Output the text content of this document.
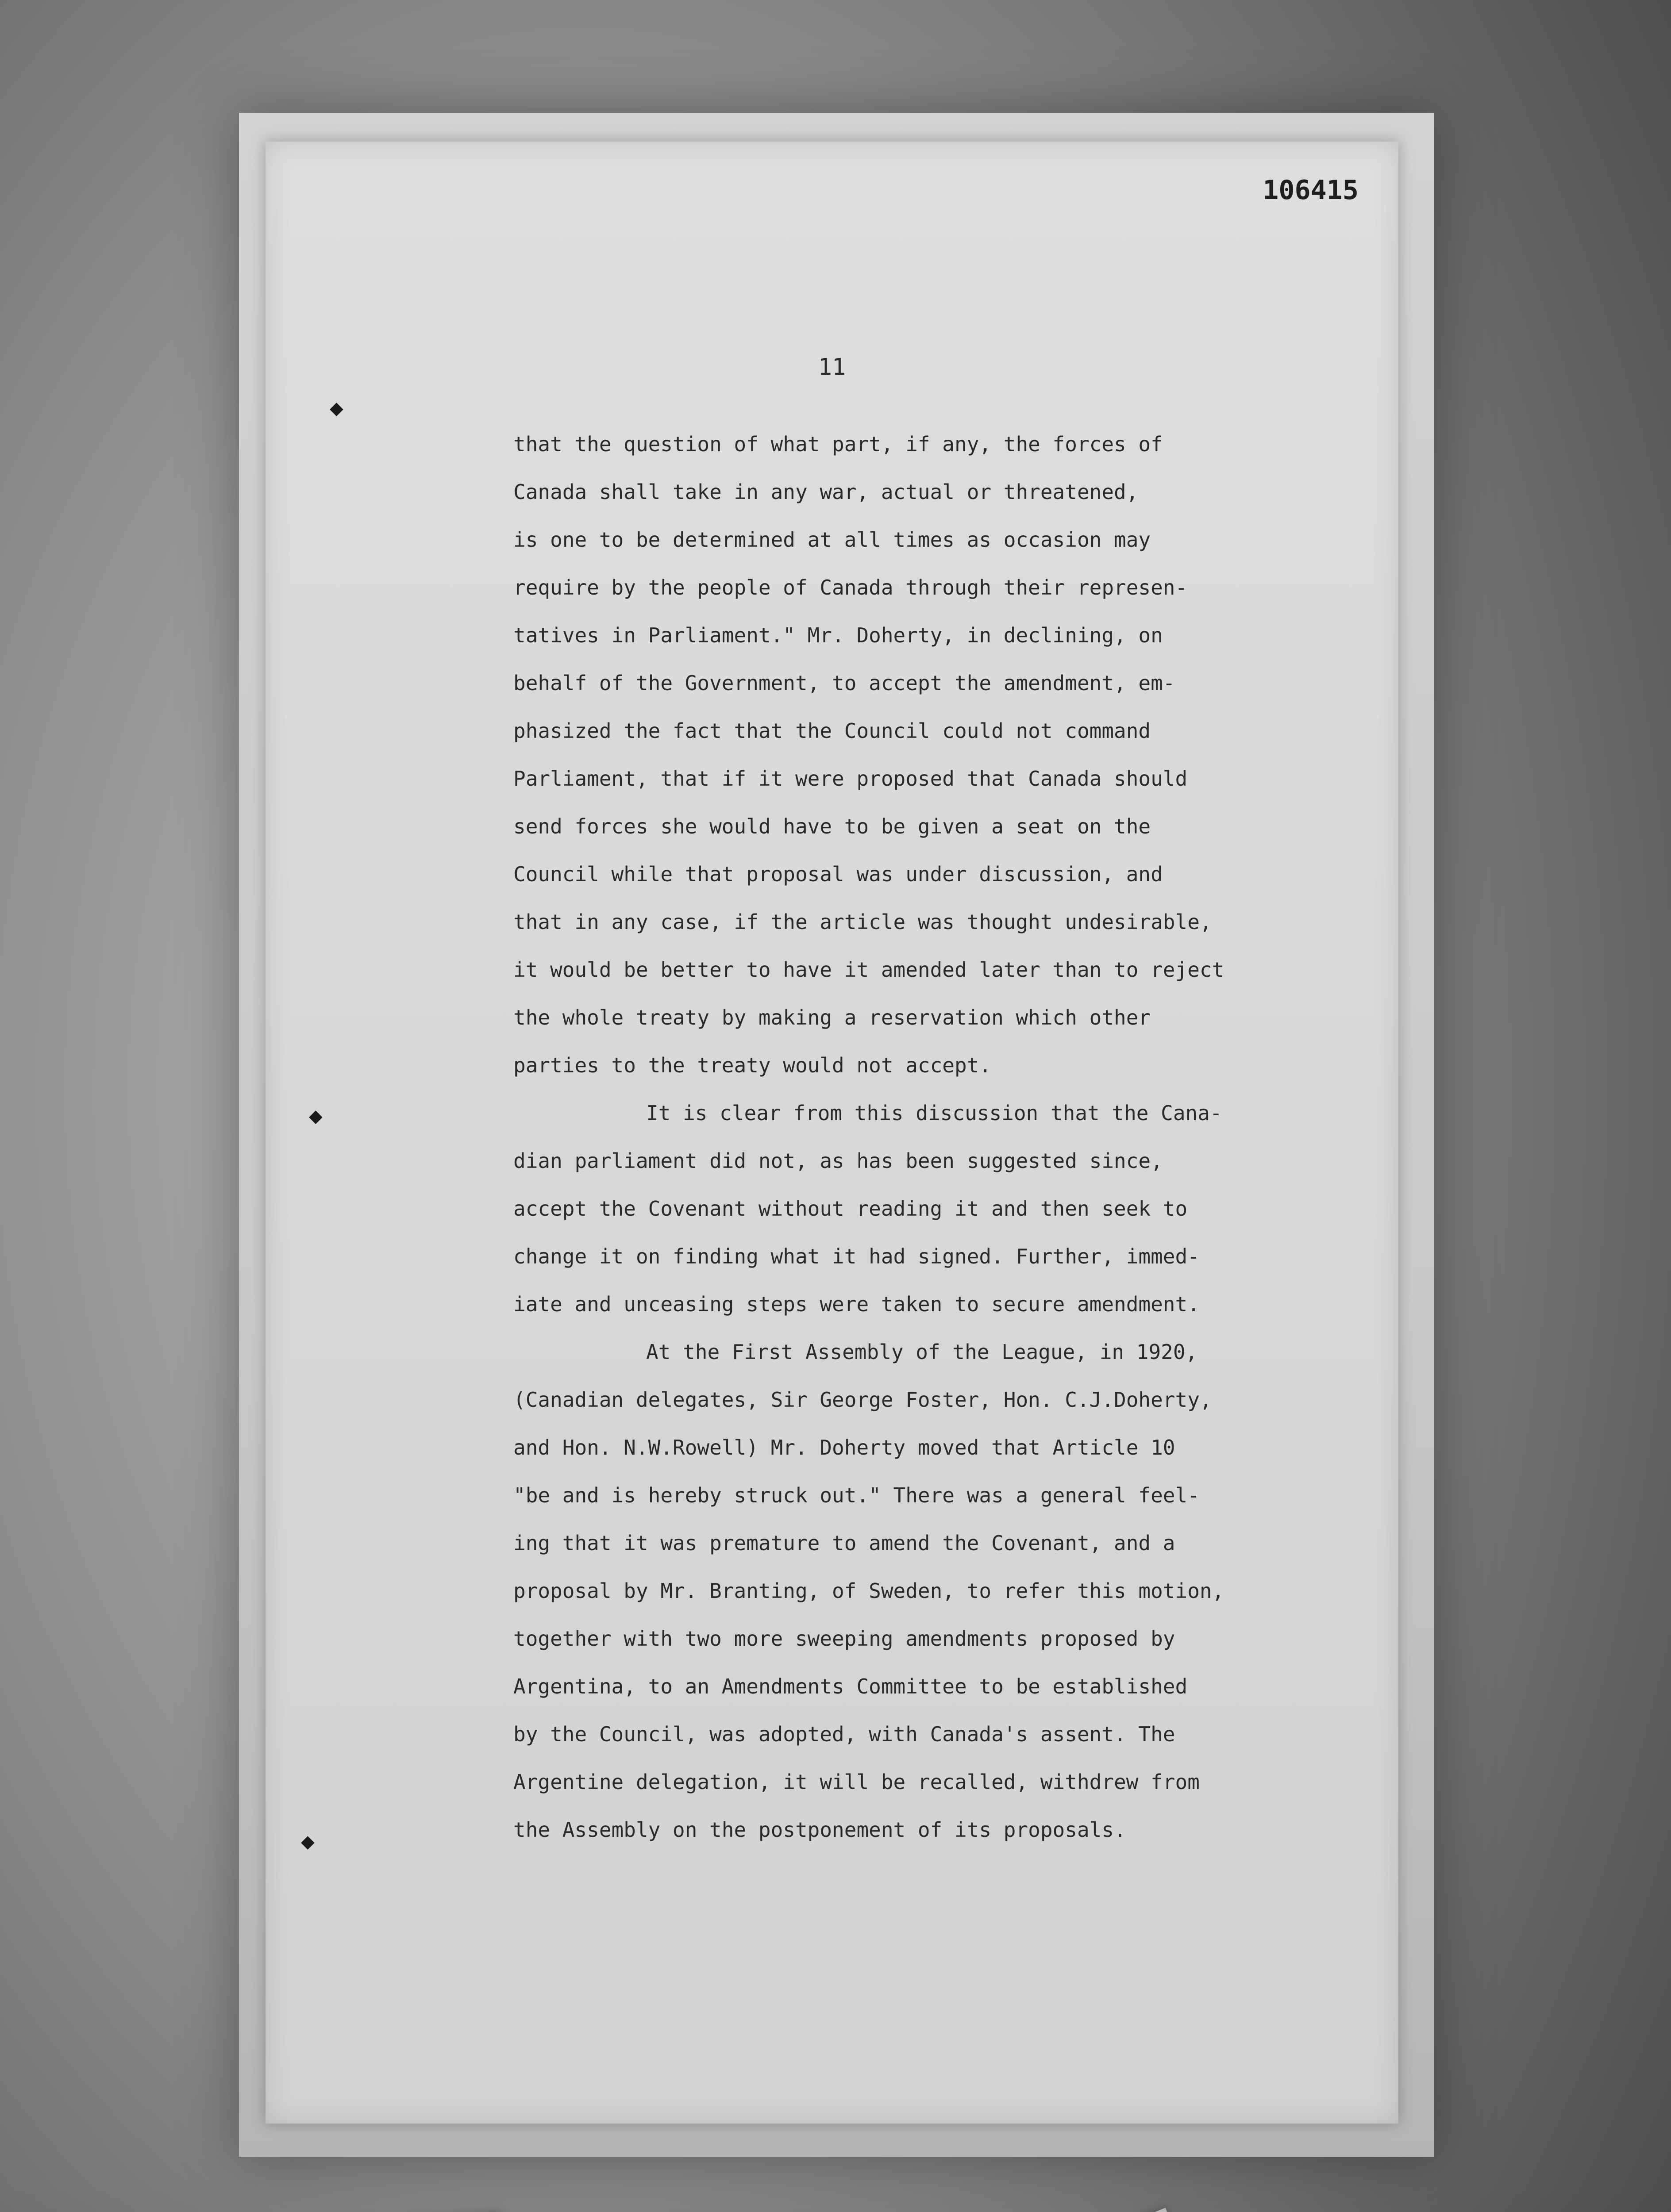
106415
11

that the question of what part, if any, the forces of
Canada shall take in any war, actual or threatened,
is one to be determined at all times as occasion may
require by the people of Canada through their represen-
tatives in Parliament." Mr. Doherty, in declining, on
behalf of the Government, to accept the amendment, em-
phasized the fact that the Council could not command
Parliament, that if it were proposed that Canada should
send forces she would have to be given a seat on the
Council while that proposal was under discussion, and
that in any case, if the article was thought undesirable,
it would be better to have it amended later than to reject
the whole treaty by making a reservation which other
parties to the treaty would not accept.

It is clear from this discussion that the Cana-
dian parliament did not, as has been suggested since,
accept the Covenant without reading it and then seek to
change it on finding what it had signed. Further, immed-
iate and unceasing steps were taken to secure amendment.

At the First Assembly of the League, in 1920,
(Canadian delegates, Sir George Foster, Hon. C.J.Doherty,
and Hon. N.W.Rowell) Mr. Doherty moved that Article 10
"be and is hereby struck out." There was a general feel-
ing that it was premature to amend the Covenant, and a
proposal by Mr. Branting, of Sweden, to refer this motion,
together with two more sweeping amendments proposed by
Argentina, to an Amendments Committee to be established
by the Council, was adopted, with Canada's assent. The
Argentine delegation, it will be recalled, withdrew from
the Assembly on the postponement of its proposals.

◆
◆
◆
